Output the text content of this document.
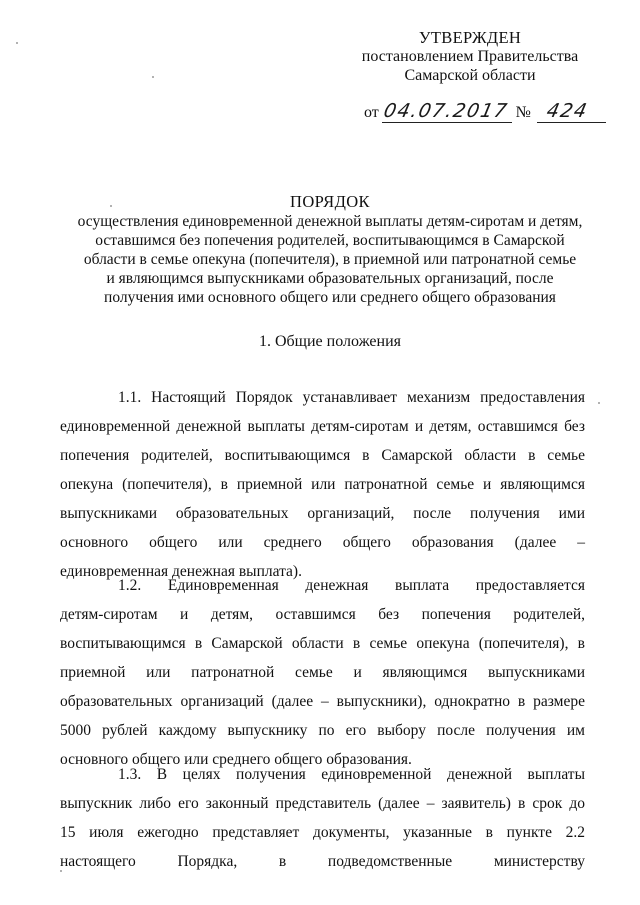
УТВЕРЖДЕН
постановлением Правительства
Самарской области
от 04.07.2017 № 424
ПОРЯДОК
осуществления единовременной денежной выплаты детям-сиротам и детям,
оставшимся без попечения родителей, воспитывающимся в Самарской
области в семье опекуна (попечителя), в приемной или патронатной семье
и являющимся выпускниками образовательных организаций, после
получения ими основного общего или среднего общего образования
1. Общие положения
1.1. Настоящий Порядок устанавливает механизм предоставления
единовременной денежной выплаты детям-сиротам и детям, оставшимся без
попечения родителей, воспитывающимся в Самарской области в семье
опекуна (попечителя), в приемной или патронатной семье и являющимся
выпускниками образовательных организаций, после получения ими
основного общего или среднего общего образования (далее –
единовременная денежная выплата).
1.2. Единовременная денежная выплата предоставляется
детям-сиротам и детям, оставшимся без попечения родителей,
воспитывающимся в Самарской области в семье опекуна (попечителя), в
приемной или патронатной семье и являющимся выпускниками
образовательных организаций (далее – выпускники), однократно в размере
5000 рублей каждому выпускнику по его выбору после получения им
основного общего или среднего общего образования.
1.3. В целях получения единовременной денежной выплаты
выпускник либо его законный представитель (далее – заявитель) в срок до
15 июля ежегодно представляет документы, указанные в пункте 2.2
настоящего Порядка, в подведомственные министерству
